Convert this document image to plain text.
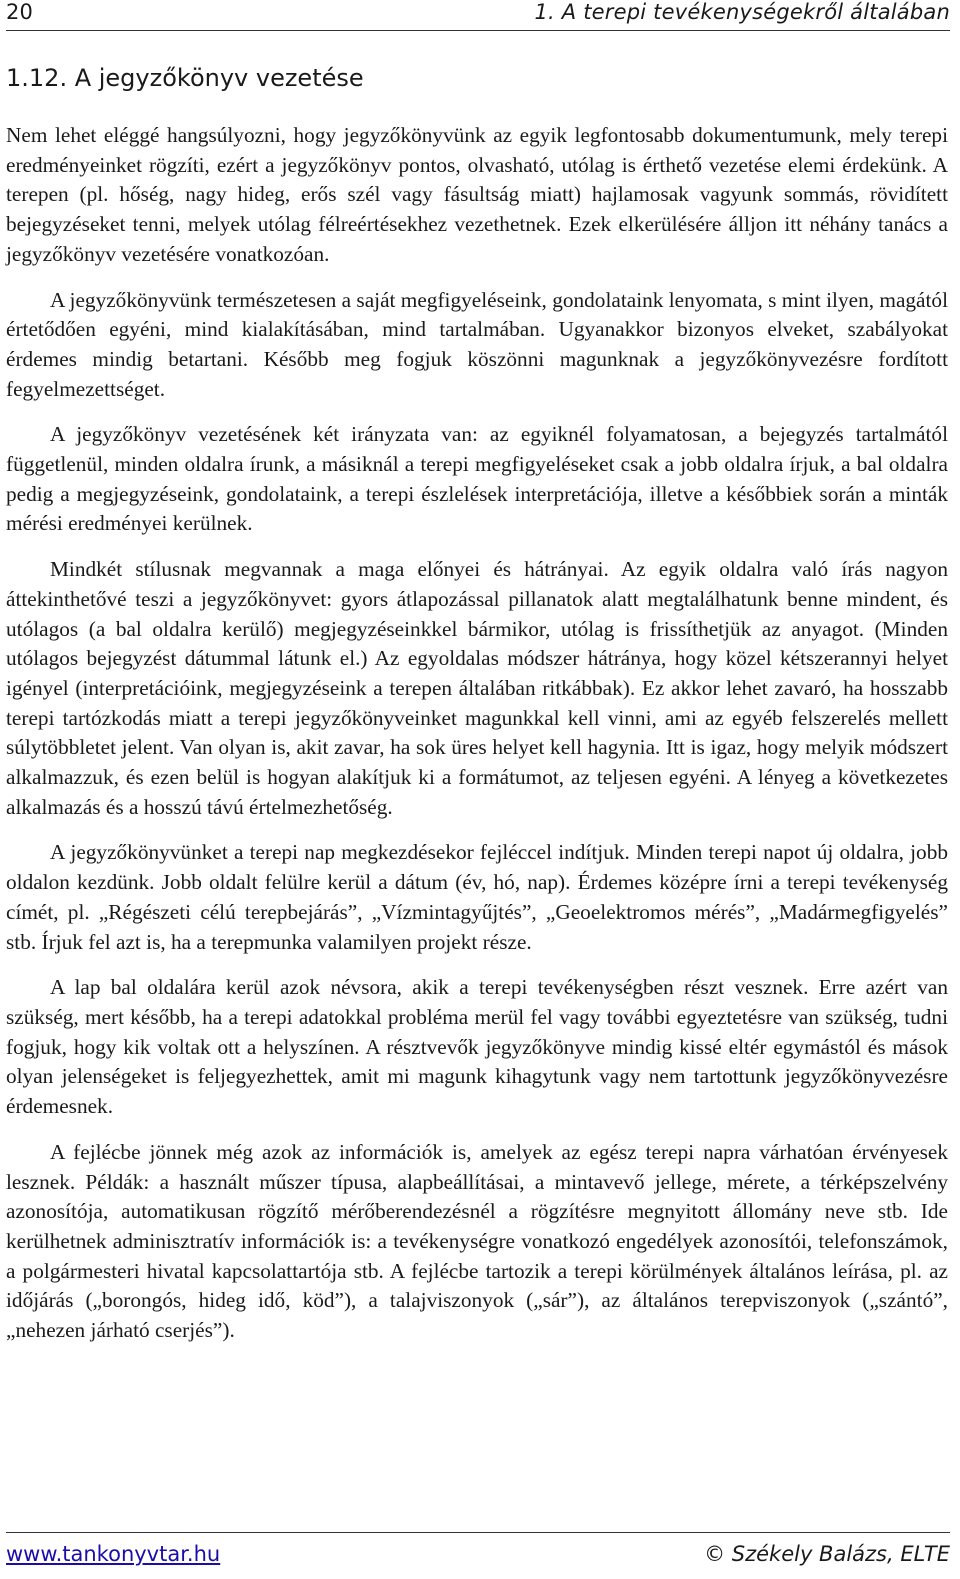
20	1. A terepi tevékenységekről általában
1.12. A jegyzőkönyv vezetése

Nem lehet eléggé hangsúlyozni, hogy jegyzőkönyvünk az egyik legfontosabb dokumentumunk, mely terepi eredményeinket rögzíti, ezért a jegyzőkönyv pontos, olvasható, utólag is érthető vezetése elemi érdekünk. A terepen (pl. hőség, nagy hideg, erős szél vagy fásultság miatt) hajlamosak vagyunk sommás, rövidített bejegyzéseket tenni, melyek utólag félreértésekhez vezethetnek. Ezek elkerülésére álljon itt néhány tanács a jegyzőkönyv vezetésére vonatkozóan.

A jegyzőkönyvünk természetesen a saját megfigyeléseink, gondolataink lenyomata, s mint ilyen, magától értetődően egyéni, mind kialakításában, mind tartalmában. Ugyanakkor bizonyos elveket, szabályokat érdemes mindig betartani. Később meg fogjuk köszönni magunknak a jegyzőkönyvezésre fordított fegyelmezettséget.

A jegyzőkönyv vezetésének két irányzata van: az egyiknél folyamatosan, a bejegyzés tartalmától függetlenül, minden oldalra írunk, a másiknál a terepi megfigyeléseket csak a jobb oldalra írjuk, a bal oldalra pedig a megjegyzéseink, gondolataink, a terepi észlelések interpretációja, illetve a későbbiek során a minták mérési eredményei kerülnek.

Mindkét stílusnak megvannak a maga előnyei és hátrányai. Az egyik oldalra való írás nagyon áttekinthetővé teszi a jegyzőkönyvet: gyors átlapozással pillanatok alatt megtalálhatunk benne mindent, és utólagos (a bal oldalra kerülő) megjegyzéseinkkel bármikor, utólag is frissíthetjük az anyagot. (Minden utólagos bejegyzést dátummal látunk el.) Az egyoldalas módszer hátránya, hogy közel kétszerannyi helyet igényel (interpretációink, megjegyzéseink a terepen általában ritkábbak). Ez akkor lehet zavaró, ha hosszabb terepi tartózkodás miatt a terepi jegyzőkönyveinket magunkkal kell vinni, ami az egyéb felszerelés mellett súlytöbbletet jelent. Van olyan is, akit zavar, ha sok üres helyet kell hagynia. Itt is igaz, hogy melyik módszert alkalmazzuk, és ezen belül is hogyan alakítjuk ki a formátumot, az teljesen egyéni. A lényeg a következetes alkalmazás és a hosszú távú értelmezhetőség.

A jegyzőkönyvünket a terepi nap megkezdésekor fejléccel indítjuk. Minden terepi napot új oldalra, jobb oldalon kezdünk. Jobb oldalt felülre kerül a dátum (év, hó, nap). Érdemes középre írni a terepi tevékenység címét, pl. „Régészeti célú terepbejárás”, „Vízmintagyűjtés”, „Geoelektromos mérés”, „Madármegfigyelés” stb. Írjuk fel azt is, ha a terepmunka valamilyen projekt része.

A lap bal oldalára kerül azok névsora, akik a terepi tevékenységben részt vesznek. Erre azért van szükség, mert később, ha a terepi adatokkal probléma merül fel vagy további egyeztetésre van szükség, tudni fogjuk, hogy kik voltak ott a helyszínen. A résztvevők jegyzőkönyve mindig kissé eltér egymástól és mások olyan jelenségeket is feljegyezhettek, amit mi magunk kihagytunk vagy nem tartottunk jegyzőkönyvezésre érdemesnek.

A fejlécbe jönnek még azok az információk is, amelyek az egész terepi napra várhatóan érvényesek lesznek. Példák: a használt műszer típusa, alapbeállításai, a mintavevő jellege, mérete, a térképszelvény azonosítója, automatikusan rögzítő mérőberendezésnél a rögzítésre megnyitott állomány neve stb. Ide kerülhetnek adminisztratív információk is: a tevékenységre vonatkozó engedélyek azonosítói, telefonszámok, a polgármesteri hivatal kapcsolattartója stb. A fejlécbe tartozik a terepi körülmények általános leírása, pl. az időjárás („borongós, hideg idő, köd”), a talajviszonyok („sár”), az általános terepviszonyok („szántó”, „nehezen járható cserjés”).

www.tankonyvtar.hu	© Székely Balázs, ELTE
